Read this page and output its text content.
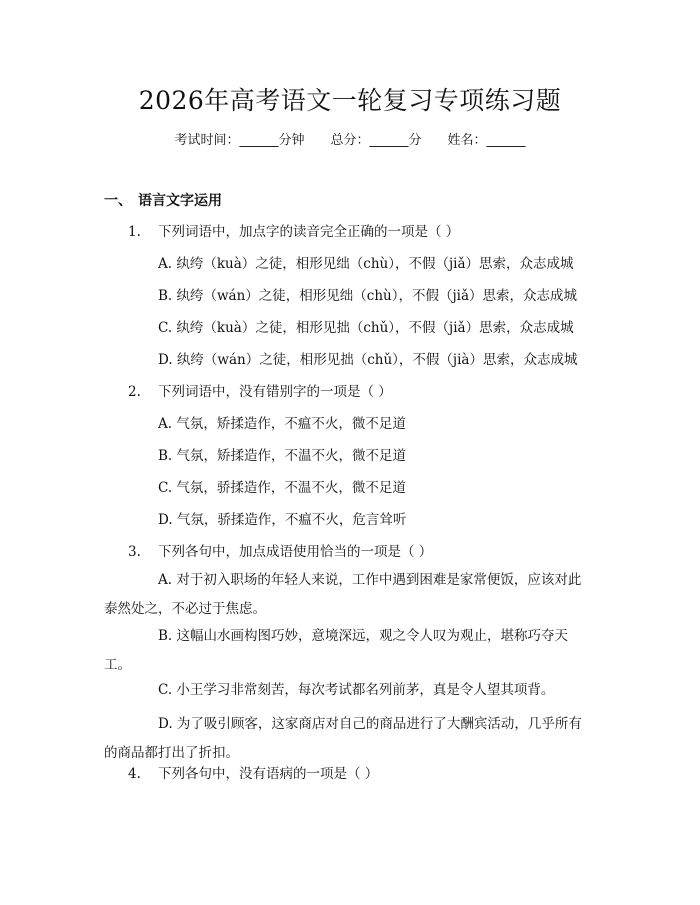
2026年高考语文一轮复习专项练习题
考试时间：______分钟 总分：______分 姓名：______
一、 语言文字运用
1. 下列词语中，加点字的读音完全正确的一项是（ ）
A. 纨绔（kuà）之徒，相形见绌（chù），不假（jiǎ）思索，众志成城
B. 纨绔（wán）之徒，相形见绌（chù），不假（jiǎ）思索，众志成城
C. 纨绔（kuà）之徒，相形见拙（chǔ），不假（jiǎ）思索，众志成城
D. 纨绔（wán）之徒，相形见拙（chǔ），不假（jià）思索，众志成城
2. 下列词语中，没有错别字的一项是（ ）
A. 气氛，矫揉造作，不瘟不火，微不足道
B. 气氛，矫揉造作，不温不火，微不足道
C. 气氛，骄揉造作，不温不火，微不足道
D. 气氛，骄揉造作，不瘟不火，危言耸听
3. 下列各句中，加点成语使用恰当的一项是（ ）
A. 对于初入职场的年轻人来说，工作中遇到困难是家常便饭，应该对此泰然处之，不必过于焦虑。
B. 这幅山水画构图巧妙，意境深远，观之令人叹为观止，堪称巧夺天工。
C. 小王学习非常刻苦，每次考试都名列前茅，真是令人望其项背。
D. 为了吸引顾客，这家商店对自己的商品进行了大酬宾活动，几乎所有的商品都打出了折扣。
4. 下列各句中，没有语病的一项是（ ）
